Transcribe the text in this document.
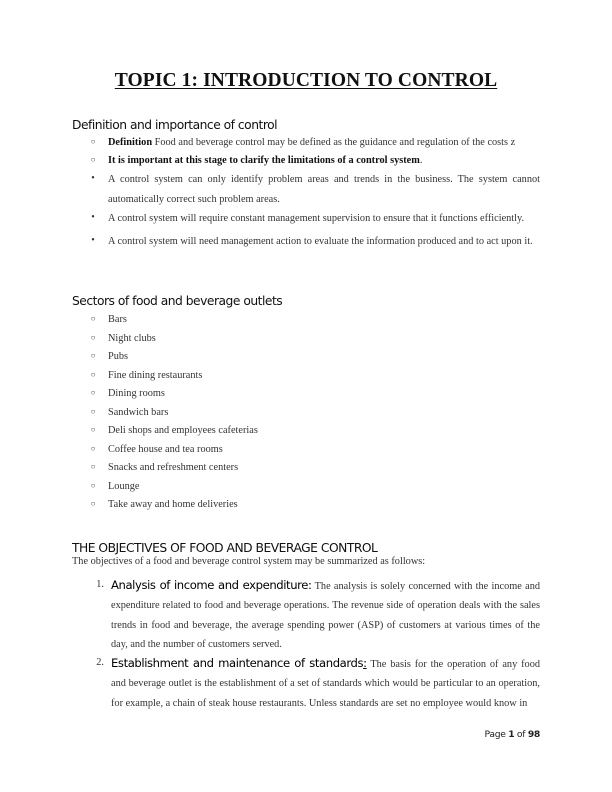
TOPIC 1: INTRODUCTION TO CONTROL
Definition and importance of control
○	Definition Food and beverage control may be defined as the guidance and regulation of the costs z
○	It is important at this stage to clarify the limitations of a control system.
•	A control system can only identify problem areas and trends in the business. The system cannot automatically correct such problem areas.
•	A control system will require constant management supervision to ensure that it functions efficiently.
•	A control system will need management action to evaluate the information produced and to act upon it.
Sectors of food and beverage outlets
○	Bars
○	Night clubs
○	Pubs
○	Fine dining restaurants
○	Dining rooms
○	Sandwich bars
○	Deli shops and employees cafeterias
○	Coffee house and tea rooms
○	Snacks and refreshment centers
○	Lounge
○	Take away and home deliveries
THE OBJECTIVES OF FOOD AND BEVERAGE CONTROL
The objectives of a food and beverage control system may be summarized as follows:
1. Analysis of income and expenditure: The analysis is solely concerned with the income and expenditure related to food and beverage operations. The revenue side of operation deals with the sales trends in food and beverage, the average spending power (ASP) of customers at various times of the day, and the number of customers served.
2. Establishment and maintenance of standards: The basis for the operation of any food and beverage outlet is the establishment of a set of standards which would be particular to an operation, for example, a chain of steak house restaurants. Unless standards are set no employee would know in
Page 1 of 98
